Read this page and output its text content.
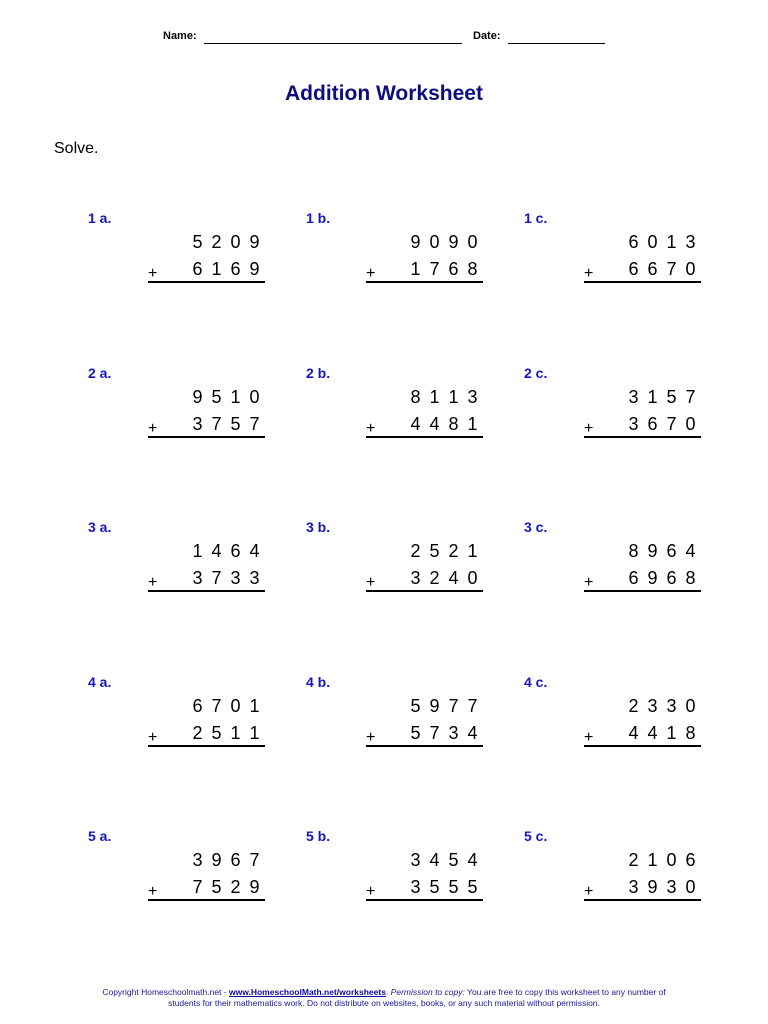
Name:	Date:
Addition Worksheet
Solve.
1 a.
5 2 0 9
6 1 6 9
+
1 b.
9 0 9 0
1 7 6 8
+
1 c.
6 0 1 3
6 6 7 0
+
2 a.
9 5 1 0
3 7 5 7
+
2 b.
8 1 1 3
4 4 8 1
+
2 c.
3 1 5 7
3 6 7 0
+
3 a.
1 4 6 4
3 7 3 3
+
3 b.
2 5 2 1
3 2 4 0
+
3 c.
8 9 6 4
6 9 6 8
+
4 a.
6 7 0 1
2 5 1 1
+
4 b.
5 9 7 7
5 7 3 4
+
4 c.
2 3 3 0
4 4 1 8
+
5 a.
3 9 6 7
7 5 2 9
+
5 b.
3 4 5 4
3 5 5 5
+
5 c.
2 1 0 6
3 9 3 0
+
Copyright Homeschoolmath.net - www.HomeschoolMath.net/worksheets. Permission to copy: You are free to copy this worksheet to any number of students for their mathematics work. Do not distribute on websites, books, or any such material without permission.
